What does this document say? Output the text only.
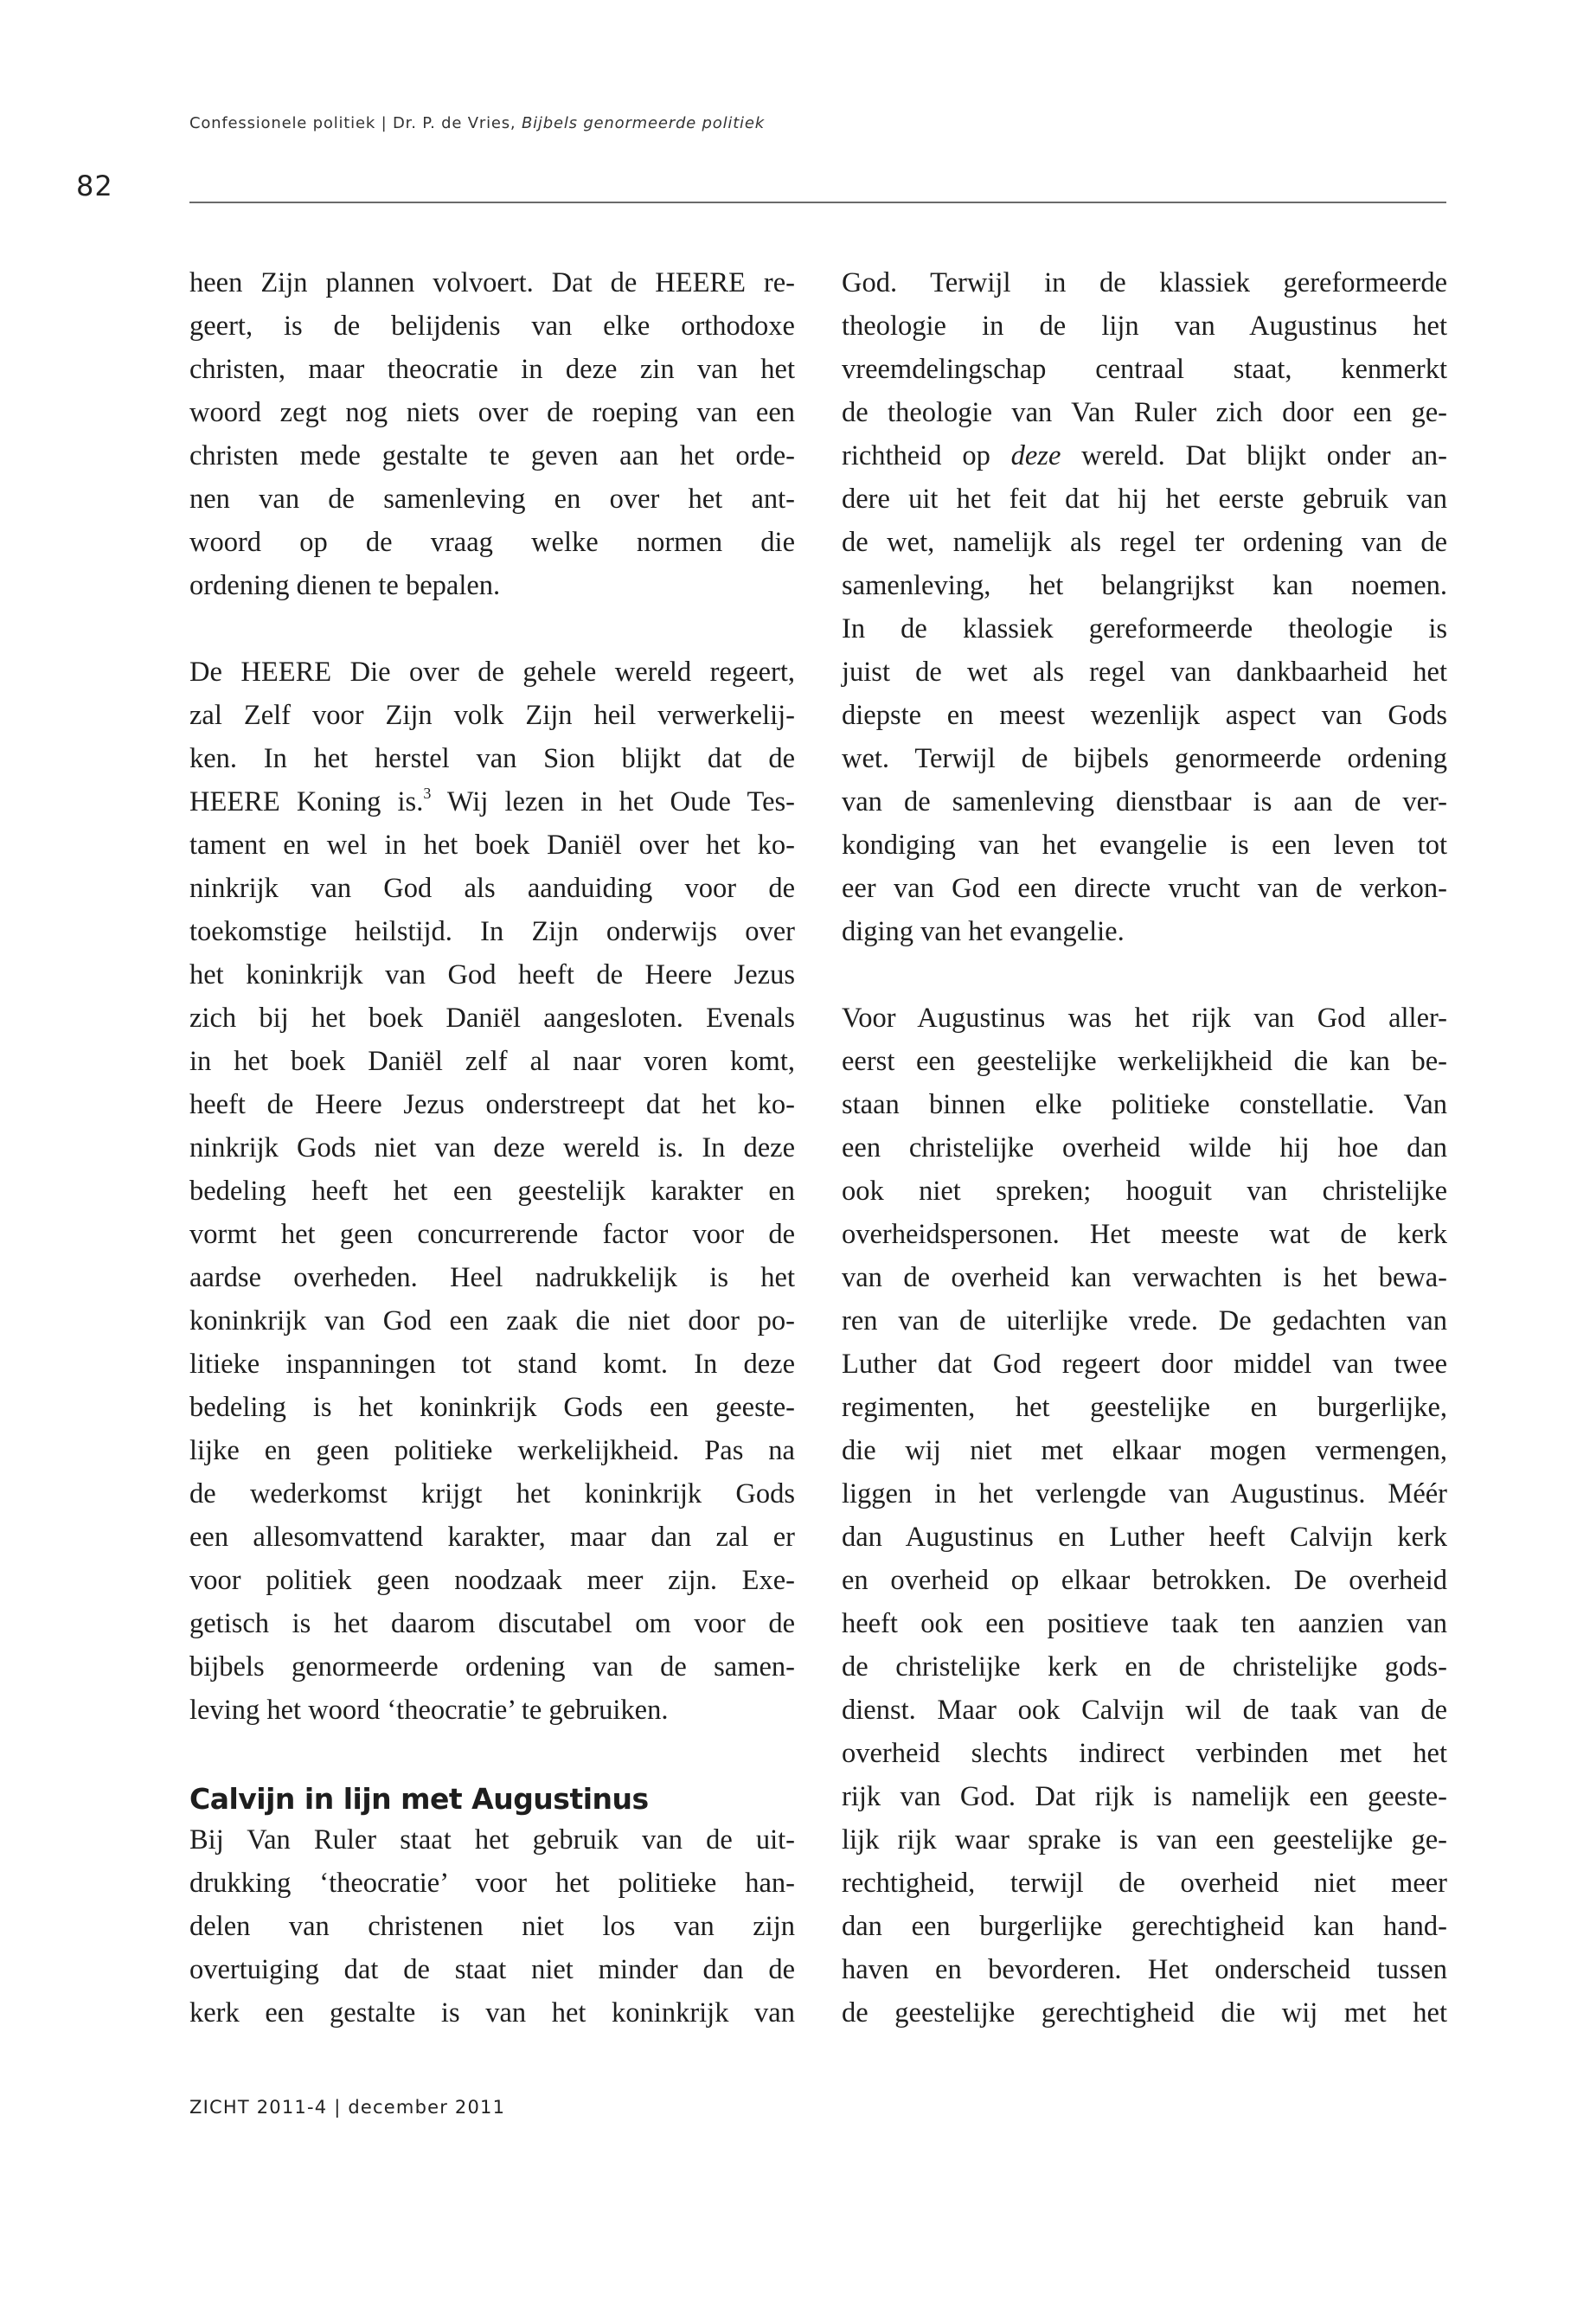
Confessionele politiek | Dr. P. de Vries, Bijbels genormeerde politiek
82
heen Zijn plannen volvoert. Dat de HEERE re-
geert, is de belijdenis van elke orthodoxe
christen, maar theocratie in deze zin van het
woord zegt nog niets over de roeping van een
christen mede gestalte te geven aan het orde-
nen van de samenleving en over het ant-
woord op de vraag welke normen die
ordening dienen te bepalen.
De HEERE Die over de gehele wereld regeert,
zal Zelf voor Zijn volk Zijn heil verwerkelij-
ken. In het herstel van Sion blijkt dat de
HEERE Koning is.$^3$ Wij lezen in het Oude Tes-
tament en wel in het boek Daniël over het ko-
ninkrijk van God als aanduiding voor de
toekomstige heilstijd. In Zijn onderwijs over
het koninkrijk van God heeft de Heere Jezus
zich bij het boek Daniël aangesloten. Evenals
in het boek Daniël zelf al naar voren komt,
heeft de Heere Jezus onderstreept dat het ko-
ninkrijk Gods niet van deze wereld is. In deze
bedeling heeft het een geestelijk karakter en
vormt het geen concurrerende factor voor de
aardse overheden. Heel nadrukkelijk is het
koninkrijk van God een zaak die niet door po-
litieke inspanningen tot stand komt. In deze
bedeling is het koninkrijk Gods een geeste-
lijke en geen politieke werkelijkheid. Pas na
de wederkomst krijgt het koninkrijk Gods
een allesomvattend karakter, maar dan zal er
voor politiek geen noodzaak meer zijn. Exe-
getisch is het daarom discutabel om voor de
bijbels genormeerde ordening van de samen-
leving het woord ‘theocratie’ te gebruiken.
Calvijn in lijn met Augustinus
Bij Van Ruler staat het gebruik van de uit-
drukking ‘theocratie’ voor het politieke han-
delen van christenen niet los van zijn
overtuiging dat de staat niet minder dan de
kerk een gestalte is van het koninkrijk van
God. Terwijl in de klassiek gereformeerde
theologie in de lijn van Augustinus het
vreemdelingschap centraal staat, kenmerkt
de theologie van Van Ruler zich door een ge-
richtheid op deze wereld. Dat blijkt onder an-
dere uit het feit dat hij het eerste gebruik van
de wet, namelijk als regel ter ordening van de
samenleving, het belangrijkst kan noemen.
In de klassiek gereformeerde theologie is
juist de wet als regel van dankbaarheid het
diepste en meest wezenlijk aspect van Gods
wet. Terwijl de bijbels genormeerde ordening
van de samenleving dienstbaar is aan de ver-
kondiging van het evangelie is een leven tot
eer van God een directe vrucht van de verkon-
diging van het evangelie.
Voor Augustinus was het rijk van God aller-
eerst een geestelijke werkelijkheid die kan be-
staan binnen elke politieke constellatie. Van
een christelijke overheid wilde hij hoe dan
ook niet spreken; hooguit van christelijke
overheidspersonen. Het meeste wat de kerk
van de overheid kan verwachten is het bewa-
ren van de uiterlijke vrede. De gedachten van
Luther dat God regeert door middel van twee
regimenten, het geestelijke en burgerlijke,
die wij niet met elkaar mogen vermengen,
liggen in het verlengde van Augustinus. Méér
dan Augustinus en Luther heeft Calvijn kerk
en overheid op elkaar betrokken. De overheid
heeft ook een positieve taak ten aanzien van
de christelijke kerk en de christelijke gods-
dienst. Maar ook Calvijn wil de taak van de
overheid slechts indirect verbinden met het
rijk van God. Dat rijk is namelijk een geeste-
lijk rijk waar sprake is van een geestelijke ge-
rechtigheid, terwijl de overheid niet meer
dan een burgerlijke gerechtigheid kan hand-
haven en bevorderen. Het onderscheid tussen
de geestelijke gerechtigheid die wij met het
ZICHT 2011-4 | december 2011
